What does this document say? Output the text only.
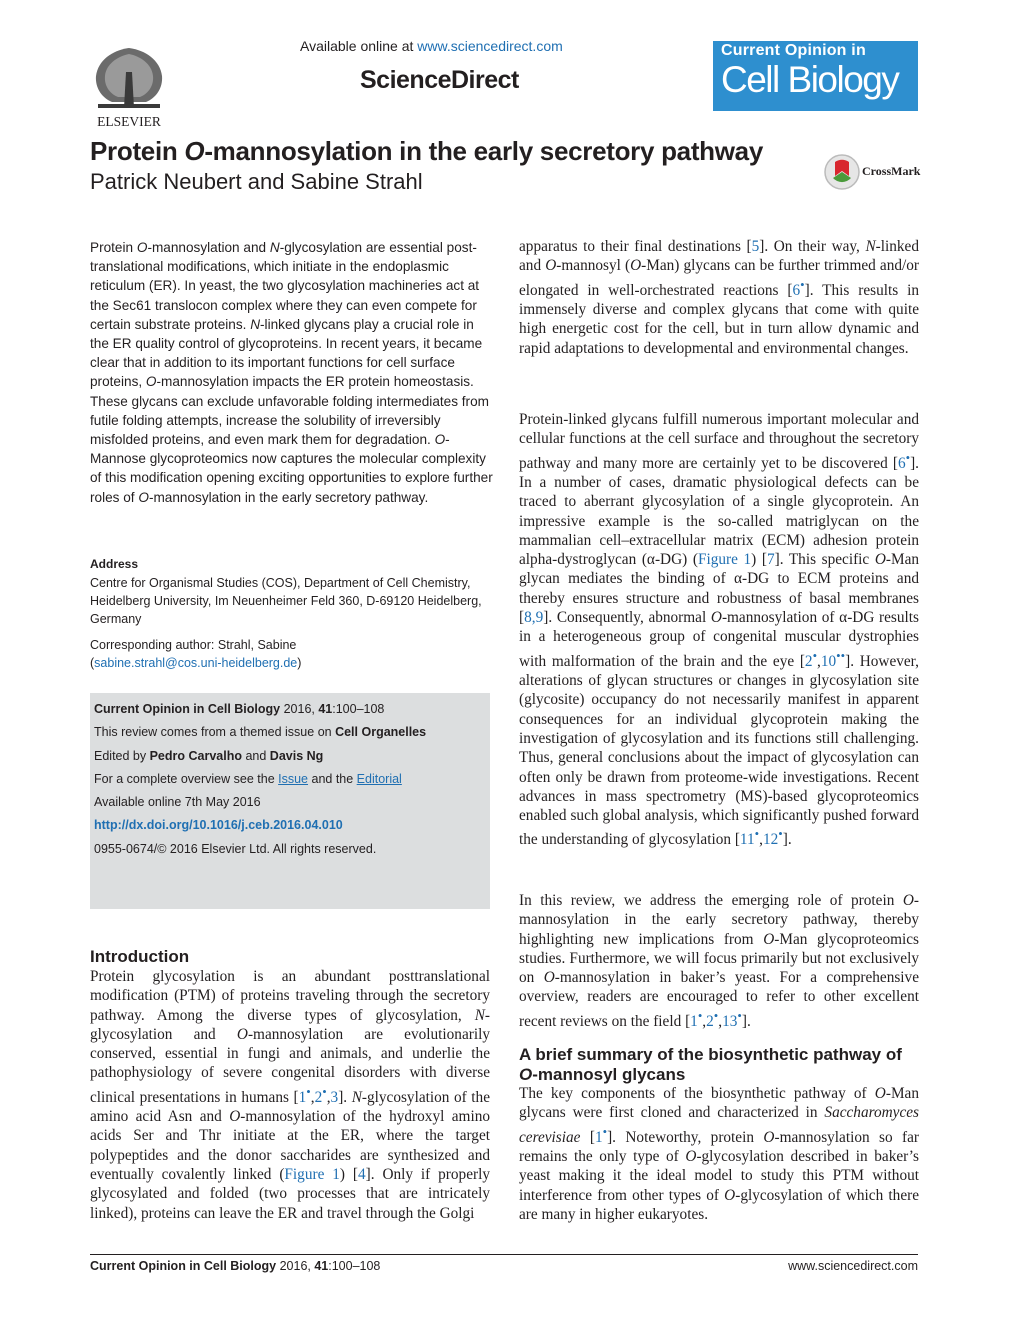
ELSEVIER
Available online at www.sciencedirect.com
ScienceDirect
Current Opinion in
Cell Biology
Protein O-mannosylation in the early secretory pathway
Patrick Neubert and Sabine Strahl	CrossMark
Protein O-mannosylation and N-glycosylation are essential post-translational modifications, which initiate in the endoplasmic reticulum (ER). In yeast, the two glycosylation machineries act at the Sec61 translocon complex where they can even compete for certain substrate proteins. N-linked glycans play a crucial role in the ER quality control of glycoproteins. In recent years, it became clear that in addition to its important functions for cell surface proteins, O-mannosylation impacts the ER protein homeostasis. These glycans can exclude unfavorable folding intermediates from futile folding attempts, increase the solubility of irreversibly misfolded proteins, and even mark them for degradation. O-Mannose glycoproteomics now captures the molecular complexity of this modification opening exciting opportunities to explore further roles of O-mannosylation in the early secretory pathway.
Address
Centre for Organismal Studies (COS), Department of Cell Chemistry, Heidelberg University, Im Neuenheimer Feld 360, D-69120 Heidelberg, Germany
Corresponding author: Strahl, Sabine
(sabine.strahl@cos.uni-heidelberg.de)
Current Opinion in Cell Biology 2016, 41:100–108
This review comes from a themed issue on Cell Organelles
Edited by Pedro Carvalho and Davis Ng
For a complete overview see the Issue and the Editorial
Available online 7th May 2016
http://dx.doi.org/10.1016/j.ceb.2016.04.010
0955-0674/© 2016 Elsevier Ltd. All rights reserved.
Introduction
Protein glycosylation is an abundant posttranslational modification (PTM) of proteins traveling through the secretory pathway. Among the diverse types of glycosylation, N-glycosylation and O-mannosylation are evolutionarily conserved, essential in fungi and animals, and underlie the pathophysiology of severe congenital disorders with diverse clinical presentations in humans [1•,2•,3]. N-glycosylation of the amino acid Asn and O-mannosylation of the hydroxyl amino acids Ser and Thr initiate at the ER, where the target polypeptides and the donor saccharides are synthesized and eventually covalently linked (Figure 1) [4]. Only if properly glycosylated and folded (two processes that are intricately linked), proteins can leave the ER and travel through the Golgi
apparatus to their final destinations [5]. On their way, N-linked and O-mannosyl (O-Man) glycans can be further trimmed and/or elongated in well-orchestrated reactions [6•]. This results in immensely diverse and complex glycans that come with quite high energetic cost for the cell, but in turn allow dynamic and rapid adaptations to developmental and environmental changes.
Protein-linked glycans fulfill numerous important molecular and cellular functions at the cell surface and throughout the secretory pathway and many more are certainly yet to be discovered [6•]. In a number of cases, dramatic physiological defects can be traced to aberrant glycosylation of a single glycoprotein. An impressive example is the so-called matriglycan on the mammalian cell–extracellular matrix (ECM) adhesion protein alpha-dystroglycan (α-DG) (Figure 1) [7]. This specific O-Man glycan mediates the binding of α-DG to ECM proteins and thereby ensures structure and robustness of basal membranes [8,9]. Consequently, abnormal O-mannosylation of α-DG results in a heterogeneous group of congenital muscular dystrophies with malformation of the brain and the eye [2•,10••]. However, alterations of glycan structures or changes in glycosylation site (glycosite) occupancy do not necessarily manifest in apparent consequences for an individual glycoprotein making the investigation of glycosylation and its functions still challenging. Thus, general conclusions about the impact of glycosylation can often only be drawn from proteome-wide investigations. Recent advances in mass spectrometry (MS)-based glycoproteomics enabled such global analysis, which significantly pushed forward the understanding of glycosylation [11•,12•].
In this review, we address the emerging role of protein O-mannosylation in the early secretory pathway, thereby highlighting new implications from O-Man glycoproteomics studies. Furthermore, we will focus primarily but not exclusively on O-mannosylation in baker’s yeast. For a comprehensive overview, readers are encouraged to refer to other excellent recent reviews on the field [1•,2•,13•].
A brief summary of the biosynthetic pathway of O-mannosyl glycans
The key components of the biosynthetic pathway of O-Man glycans were first cloned and characterized in Saccharomyces cerevisiae [1•]. Noteworthy, protein O-mannosylation so far remains the only type of O-glycosylation described in baker’s yeast making it the ideal model to study this PTM without interference from other types of O-glycosylation of which there are many in higher eukaryotes.
Current Opinion in Cell Biology 2016, 41:100–108	www.sciencedirect.com
